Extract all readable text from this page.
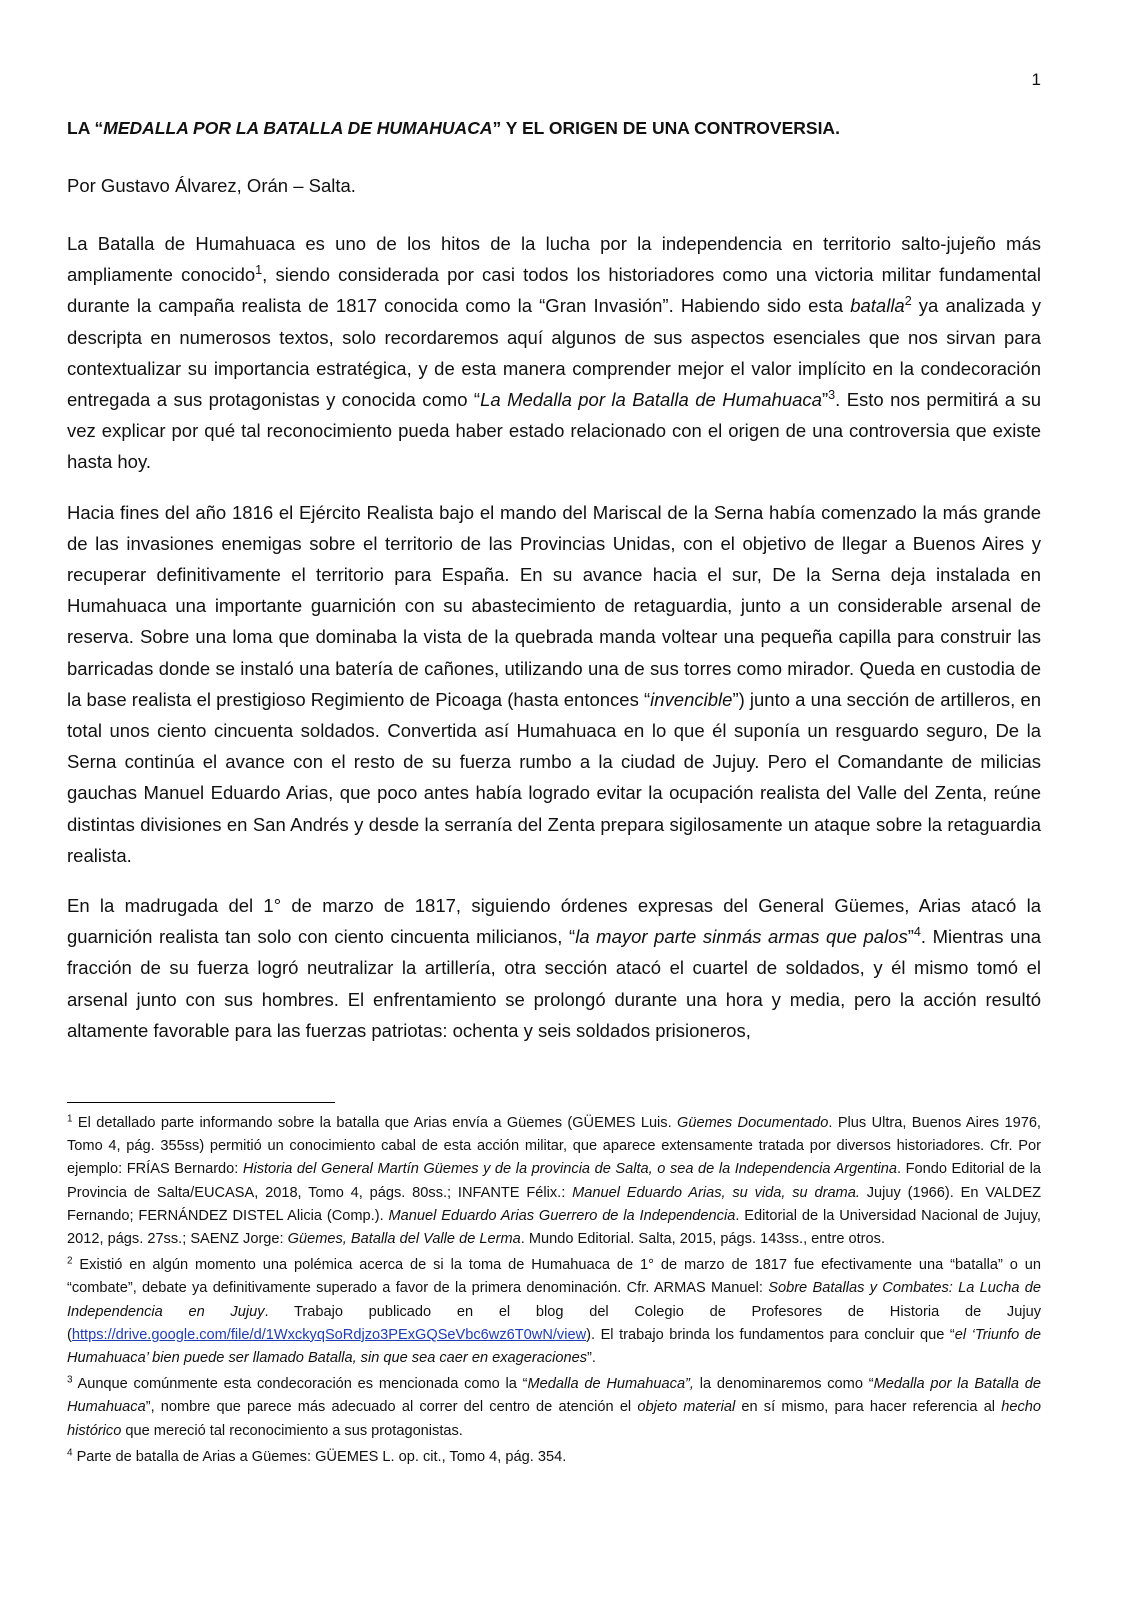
1
LA “MEDALLA POR LA BATALLA DE HUMAHUACA” Y EL ORIGEN DE UNA CONTROVERSIA.
Por Gustavo Álvarez, Orán – Salta.

La Batalla de Humahuaca es uno de los hitos de la lucha por la independencia en territorio salto-jujeño más ampliamente conocido$^1$, siendo considerada por casi todos los historiadores como una victoria militar fundamental durante la campaña realista de 1817 conocida como la “Gran Invasión”. Habiendo sido esta batalla$^2$ ya analizada y descripta en numerosos textos, solo recordaremos aquí algunos de sus aspectos esenciales que nos sirvan para contextualizar su importancia estratégica, y de esta manera comprender mejor el valor implícito en la condecoración entregada a sus protagonistas y conocida como “La Medalla por la Batalla de Humahuaca”$^3$. Esto nos permitirá a su vez explicar por qué tal reconocimiento pueda haber estado relacionado con el origen de una controversia que existe hasta hoy.

Hacia fines del año 1816 el Ejército Realista bajo el mando del Mariscal de la Serna había comenzado la más grande de las invasiones enemigas sobre el territorio de las Provincias Unidas, con el objetivo de llegar a Buenos Aires y recuperar definitivamente el territorio para España. En su avance hacia el sur, De la Serna deja instalada en Humahuaca una importante guarnición con su abastecimiento de retaguardia, junto a un considerable arsenal de reserva. Sobre una loma que dominaba la vista de la quebrada manda voltear una pequeña capilla para construir las barricadas donde se instaló una batería de cañones, utilizando una de sus torres como mirador. Queda en custodia de la base realista el prestigioso Regimiento de Picoaga (hasta entonces “invencible”) junto a una sección de artilleros, en total unos ciento cincuenta soldados. Convertida así Humahuaca en lo que él suponía un resguardo seguro, De la Serna continúa el avance con el resto de su fuerza rumbo a la ciudad de Jujuy. Pero el Comandante de milicias gauchas Manuel Eduardo Arias, que poco antes había logrado evitar la ocupación realista del Valle del Zenta, reúne distintas divisiones en San Andrés y desde la serranía del Zenta prepara sigilosamente un ataque sobre la retaguardia realista.

En la madrugada del 1° de marzo de 1817, siguiendo órdenes expresas del General Güemes, Arias atacó la guarnición realista tan solo con ciento cincuenta milicianos, “la mayor parte sinmás armas que palos”$^4$. Mientras una fracción de su fuerza logró neutralizar la artillería, otra sección atacó el cuartel de soldados, y él mismo tomó el arsenal junto con sus hombres. El enfrentamiento se prolongó durante una hora y media, pero la acción resultó altamente favorable para las fuerzas patriotas: ochenta y seis soldados prisioneros,

$^1$ El detallado parte informando sobre la batalla que Arias envía a Güemes (GÜEMES Luis. Güemes Documentado. Plus Ultra, Buenos Aires 1976, Tomo 4, pág. 355ss) permitió un conocimiento cabal de esta acción militar, que aparece extensamente tratada por diversos historiadores. Cfr. Por ejemplo: FRÍAS Bernardo: Historia del General Martín Güemes y de la provincia de Salta, o sea de la Independencia Argentina. Fondo Editorial de la Provincia de Salta/EUCASA, 2018, Tomo 4, págs. 80ss.; INFANTE Félix.: Manuel Eduardo Arias, su vida, su drama. Jujuy (1966). En VALDEZ Fernando; FERNÁNDEZ DISTEL Alicia (Comp.). Manuel Eduardo Arias Guerrero de la Independencia. Editorial de la Universidad Nacional de Jujuy, 2012, págs. 27ss.; SAENZ Jorge: Güemes, Batalla del Valle de Lerma. Mundo Editorial. Salta, 2015, págs. 143ss., entre otros.

$^2$ Existió en algún momento una polémica acerca de si la toma de Humahuaca de 1° de marzo de 1817 fue efectivamente una “batalla” o un “combate”, debate ya definitivamente superado a favor de la primera denominación. Cfr. ARMAS Manuel: Sobre Batallas y Combates: La Lucha de Independencia en Jujuy. Trabajo publicado en el blog del Colegio de Profesores de Historia de Jujuy (https://drive.google.com/file/d/1WxckyqSoRdjzo3PExGQSeVbc6wz6T0wN/view). El trabajo brinda los fundamentos para concluir que “el ‘Triunfo de Humahuaca’ bien puede ser llamado Batalla, sin que sea caer en exageraciones”.

$^3$ Aunque comúnmente esta condecoración es mencionada como la “Medalla de Humahuaca”, la denominaremos como “Medalla por la Batalla de Humahuaca”, nombre que parece más adecuado al correr del centro de atención el objeto material en sí mismo, para hacer referencia al hecho histórico que mereció tal reconocimiento a sus protagonistas.

$^4$ Parte de batalla de Arias a Güemes: GÜEMES L. op. cit., Tomo 4, pág. 354.
